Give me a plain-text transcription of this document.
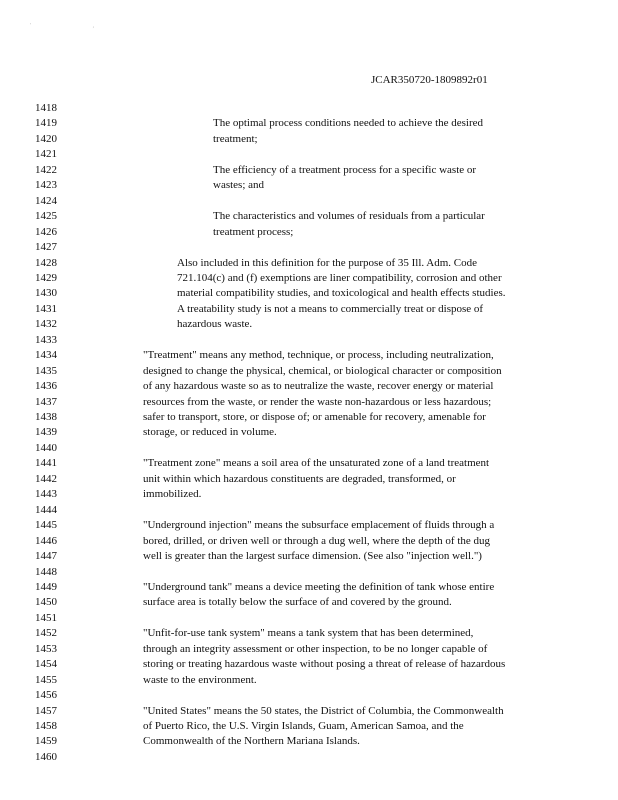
' ,
JCAR350720-1809892r01
1418
1419	The optimal process conditions needed to achieve the desired
1420	treatment;
1421
1422	The efficiency of a treatment process for a specific waste or
1423	wastes; and
1424
1425	The characteristics and volumes of residuals from a particular
1426	treatment process;
1427
1428	Also included in this definition for the purpose of 35 Ill. Adm. Code
1429	721.104(c) and (f) exemptions are liner compatibility, corrosion and other
1430	material compatibility studies, and toxicological and health effects studies.
1431	A treatability study is not a means to commercially treat or dispose of
1432	hazardous waste.
1433
1434	"Treatment" means any method, technique, or process, including neutralization,
1435	designed to change the physical, chemical, or biological character or composition
1436	of any hazardous waste so as to neutralize the waste, recover energy or material
1437	resources from the waste, or render the waste non-hazardous or less hazardous;
1438	safer to transport, store, or dispose of; or amenable for recovery, amenable for
1439	storage, or reduced in volume.
1440
1441	"Treatment zone" means a soil area of the unsaturated zone of a land treatment
1442	unit within which hazardous constituents are degraded, transformed, or
1443	immobilized.
1444
1445	"Underground injection" means the subsurface emplacement of fluids through a
1446	bored, drilled, or driven well or through a dug well, where the depth of the dug
1447	well is greater than the largest surface dimension. (See also "injection well.")
1448
1449	"Underground tank" means a device meeting the definition of tank whose entire
1450	surface area is totally below the surface of and covered by the ground.
1451
1452	"Unfit-for-use tank system" means a tank system that has been determined,
1453	through an integrity assessment or other inspection, to be no longer capable of
1454	storing or treating hazardous waste without posing a threat of release of hazardous
1455	waste to the environment.
1456
1457	"United States" means the 50 states, the District of Columbia, the Commonwealth
1458	of Puerto Rico, the U.S. Virgin Islands, Guam, American Samoa, and the
1459	Commonwealth of the Northern Mariana Islands.
1460
